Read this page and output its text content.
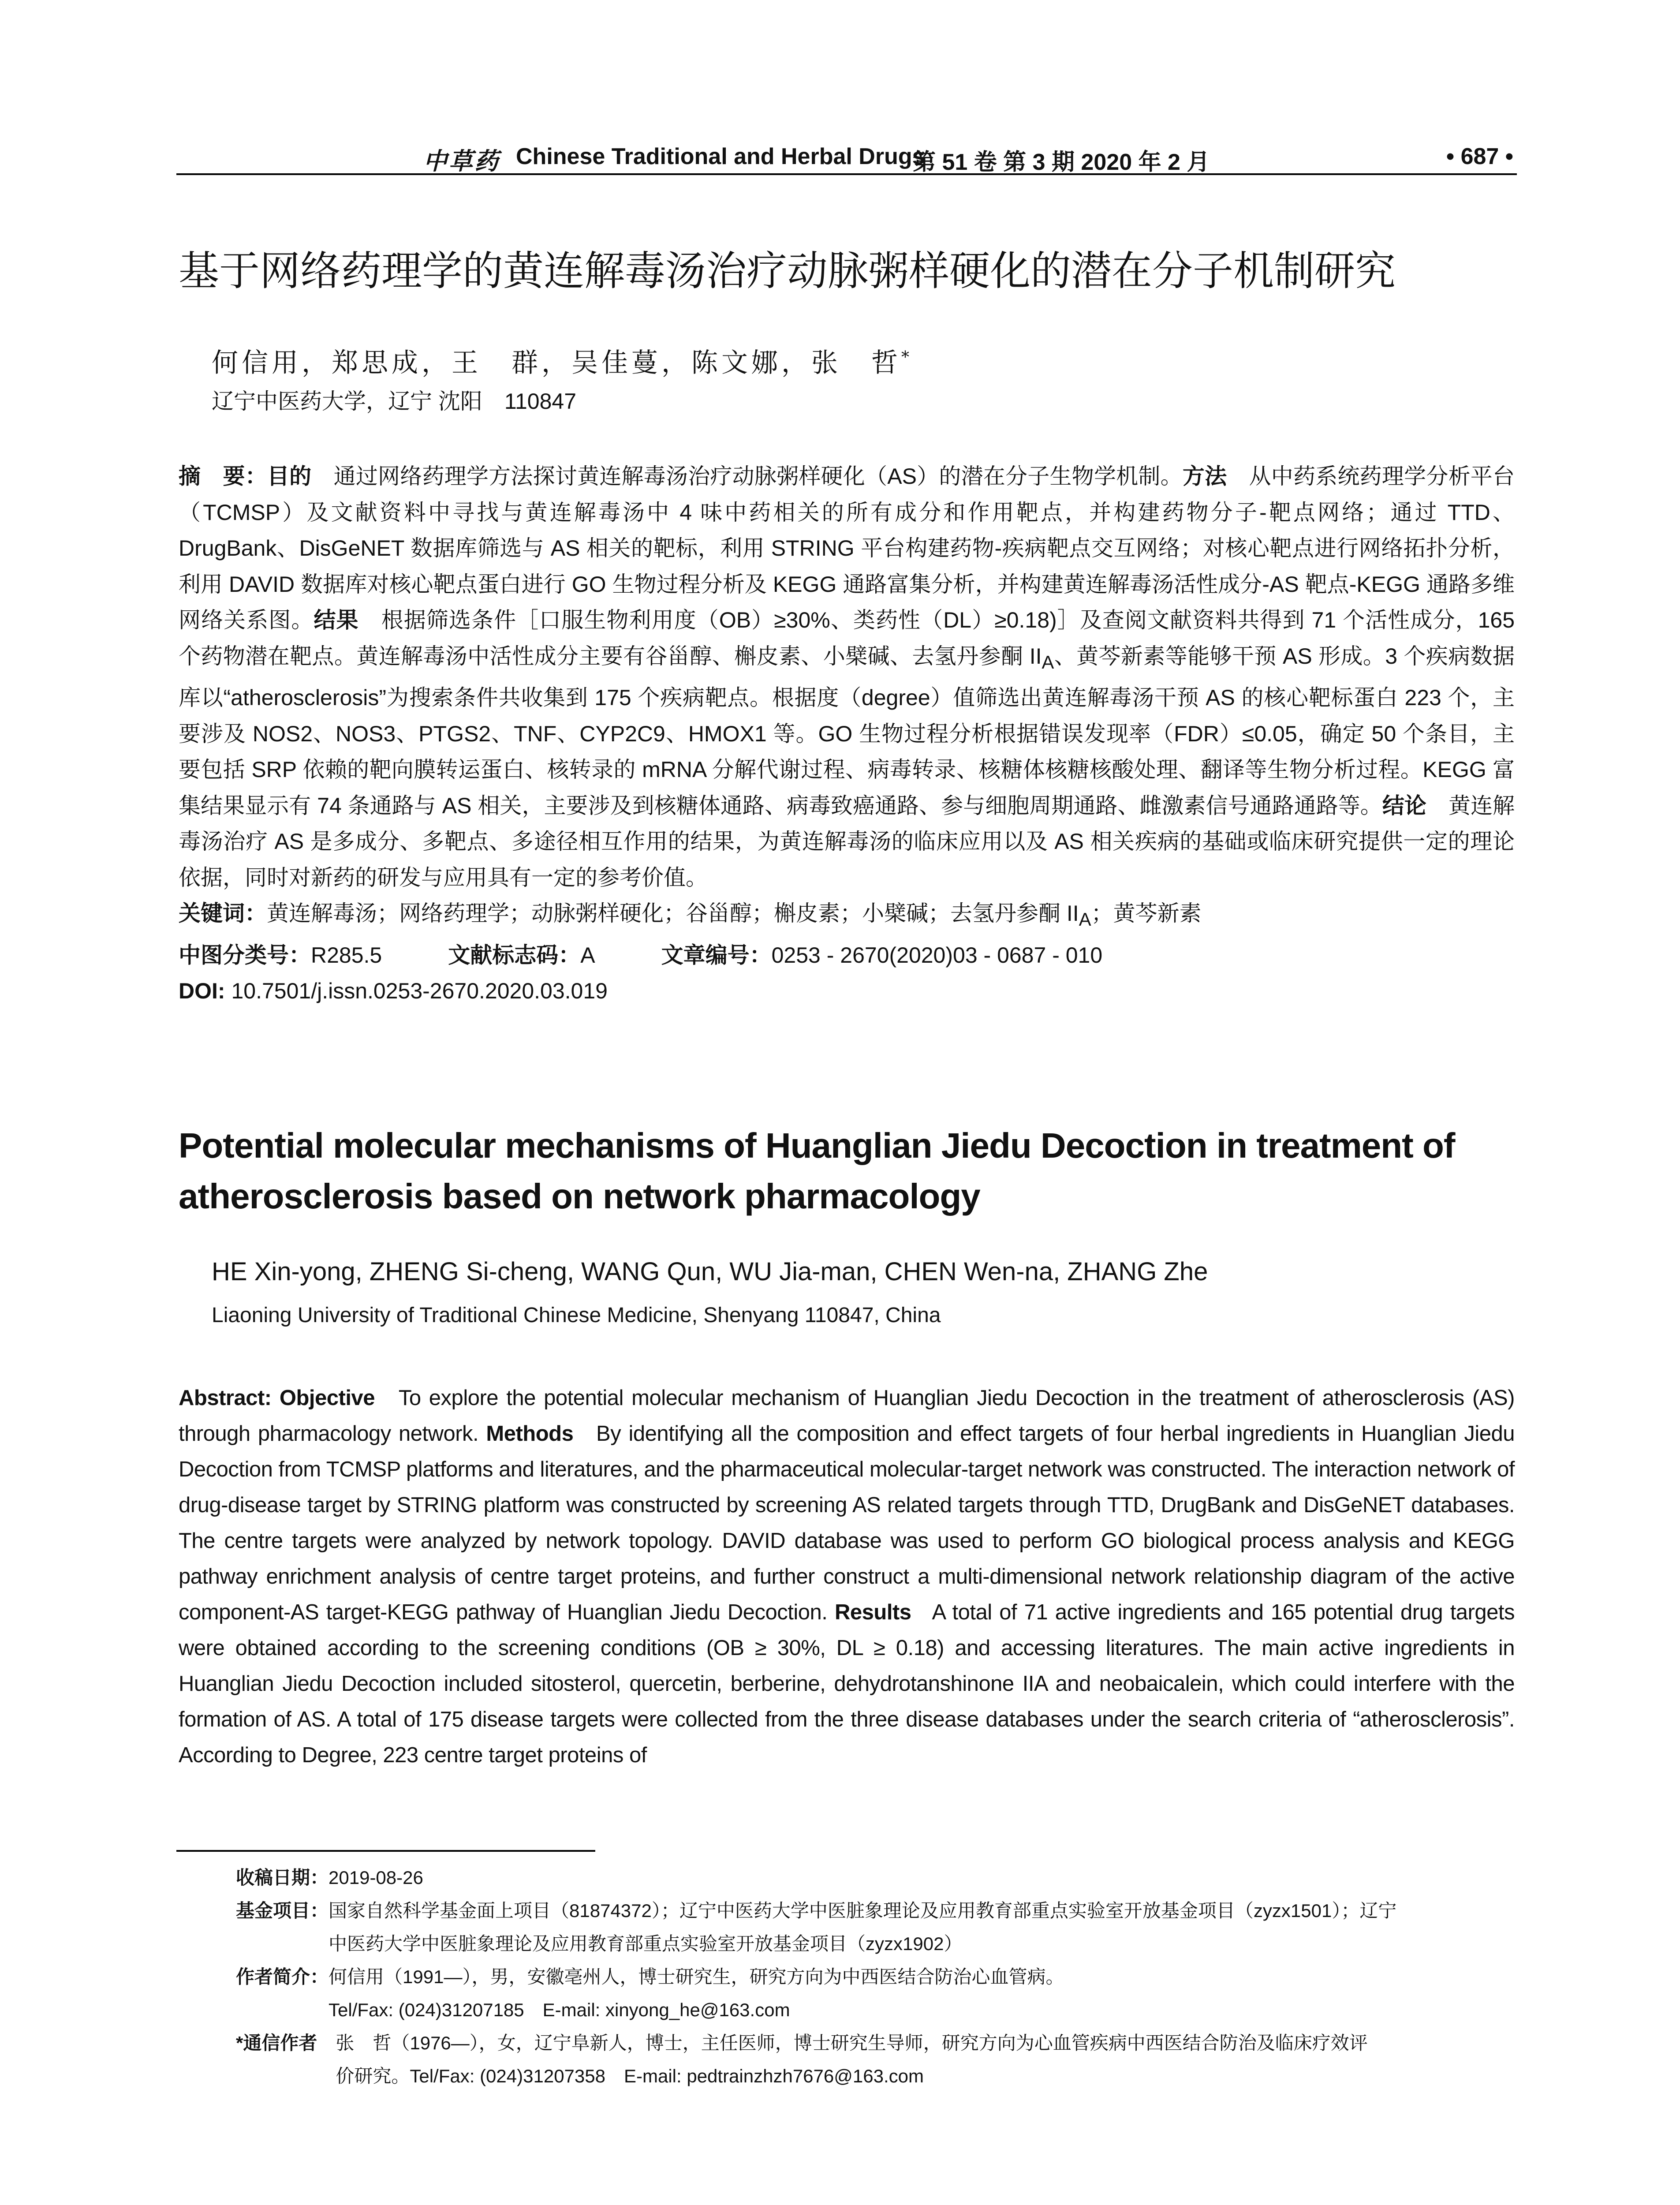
中草药 Chinese Traditional and Herbal Drugs
第 51 卷 第 3 期 2020 年 2 月	• 687 •
基于网络药理学的黄连解毒汤治疗动脉粥样硬化的潜在分子机制研究
何信用，郑思成，王　群，吴佳蔓，陈文娜，张　哲*
辽宁中医药大学，辽宁 沈阳　110847

摘　要：目的　 通过网络药理学方法探讨黄连解毒汤治疗动脉粥样硬化（AS）的潜在分子生物学机制。方法　 从中药系统药理学分析平台（TCMSP）及文献资料中寻找与黄连解毒汤中 4 味中药相关的所有成分和作用靶点，并构建药物分子-靶点网络；通过 TTD、DrugBank、DisGeNET 数据库筛选与 AS 相关的靶标，利用 STRING 平台构建药物-疾病靶点交互网络；对核心靶点进行网络拓扑分析，利用 DAVID 数据库对核心靶点蛋白进行 GO 生物过程分析及 KEGG 通路富集分析，并构建黄连解毒汤活性成分-AS 靶点-KEGG 通路多维网络关系图。结果　 根据筛选条件［口服生物利用度（OB）≥30%、类药性（DL）≥0.18)］及查阅文献资料共得到 71 个活性成分，165 个药物潜在靶点。黄连解毒汤中活性成分主要有谷甾醇、槲皮素、小檗碱、去氢丹参酮 $II_A$、黄芩新素等能够干预 AS 形成。3 个疾病数据库以“atherosclerosis”为搜索条件共收集到 175 个疾病靶点。根据度（degree）值筛选出黄连解毒汤干预 AS 的核心靶标蛋白 223 个，主要涉及 NOS2、NOS3、PTGS2、TNF、CYP2C9、HMOX1 等。GO 生物过程分析根据错误发现率（FDR）≤0.05，确定 50 个条目，主要包括 SRP 依赖的靶向膜转运蛋白、核转录的 mRNA 分解代谢过程、病毒转录、核糖体核糖核酸处理、翻译等生物分析过程。KEGG 富集结果显示有 74 条通路与 AS 相关，主要涉及到核糖体通路、病毒致癌通路、参与细胞周期通路、雌激素信号通路通路等。结论　 黄连解毒汤治疗 AS 是多成分、多靶点、多途径相互作用的结果，为黄连解毒汤的临床应用以及 AS 相关疾病的基础或临床研究提供一定的理论依据，同时对新药的研发与应用具有一定的参考价值。

关键词：黄连解毒汤；网络药理学；动脉粥样硬化；谷甾醇；槲皮素；小檗碱；去氢丹参酮 $II_A$；黄芩新素

中图分类号：R285.5	文献标志码：A	文章编号：0253 - 2670(2020)03 - 0687 - 010

DOI: 10.7501/j.issn.0253-2670.2020.03.019

Potential molecular mechanisms of Huanglian Jiedu Decoction in treatment of atherosclerosis based on network pharmacology
HE Xin-yong, ZHENG Si-cheng, WANG Qun, WU Jia-man, CHEN Wen-na, ZHANG Zhe
Liaoning University of Traditional Chinese Medicine, Shenyang 110847, China

Abstract: Objective To explore the potential molecular mechanism of Huanglian Jiedu Decoction in the treatment of atherosclerosis (AS) through pharmacology network. Methods By identifying all the composition and effect targets of four herbal ingredients in Huanglian Jiedu Decoction from TCMSP platforms and literatures, and the pharmaceutical molecular-target network was constructed. The interaction network of drug-disease target by STRING platform was constructed by screening AS related targets through TTD, DrugBank and DisGeNET databases. The centre targets were analyzed by network topology. DAVID database was used to perform GO biological process analysis and KEGG pathway enrichment analysis of centre target proteins, and further construct a multi-dimensional network relationship diagram of the active component-AS target-KEGG pathway of Huanglian Jiedu Decoction. Results A total of 71 active ingredients and 165 potential drug targets were obtained according to the screening conditions (OB ≥ 30%, DL ≥ 0.18) and accessing literatures. The main active ingredients in Huanglian Jiedu Decoction included sitosterol, quercetin, berberine, dehydrotanshinone IIA and neobaicalein, which could interfere with the formation of AS. A total of 175 disease targets were collected from the three disease databases under the search criteria of “atherosclerosis”. According to Degree, 223 centre target proteins of

收稿日期： 2019-08-26
基金项目： 国家自然科学基金面上项目（81874372）；辽宁中医药大学中医脏象理论及应用教育部重点实验室开放基金项目（zyzx1501）；辽宁
中医药大学中医脏象理论及应用教育部重点实验室开放基金项目（zyzx1902）
作者简介： 何信用（1991—），男，安徽亳州人，博士研究生，研究方向为中西医结合防治心血管病。
Tel/Fax: (024)31207185　E-mail: xinyong_he@163.com
*通信作者　 张　哲（1976—），女，辽宁阜新人，博士，主任医师，博士研究生导师，研究方向为心血管疾病中西医结合防治及临床疗效评
价研究。Tel/Fax: (024)31207358　E-mail: pedtrainzhzh7676@163.com
